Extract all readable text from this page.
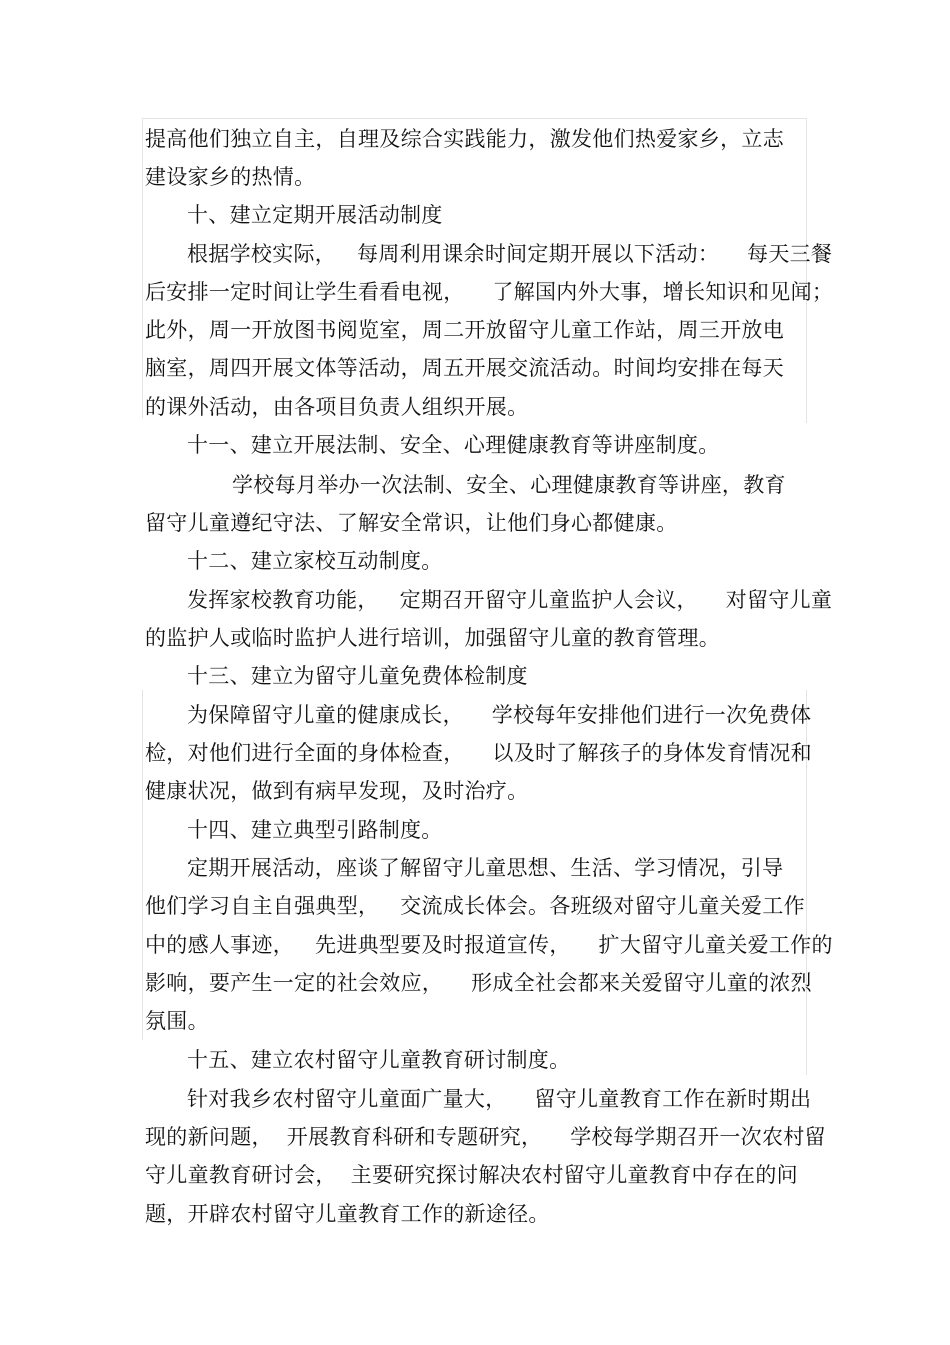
提高他们独立自主，自理及综合实践能力，激发他们热爱家乡，立志
建设家乡的热情。
十、建立定期开展活动制度
根据学校实际，   每周利用课余时间定期开展以下活动：    每天三餐
后安排一定时间让学生看看电视，    了解国内外大事，增长知识和见闻；
此外，周一开放图书阅览室，周二开放留守儿童工作站，周三开放电
脑室，周四开展文体等活动，周五开展交流活动。时间均安排在每天
的课外活动，由各项目负责人组织开展。
十一、建立开展法制、安全、心理健康教育等讲座制度。
学校每月举办一次法制、安全、心理健康教育等讲座，教育
留守儿童遵纪守法、了解安全常识，让他们身心都健康。
十二、建立家校互动制度。
发挥家校教育功能，   定期召开留守儿童监护人会议，    对留守儿童
的监护人或临时监护人进行培训，加强留守儿童的教育管理。
十三、建立为留守儿童免费体检制度
为保障留守儿童的健康成长，    学校每年安排他们进行一次免费体
检，对他们进行全面的身体检查，    以及时了解孩子的身体发育情况和
健康状况，做到有病早发现，及时治疗。
十四、建立典型引路制度。
定期开展活动，座谈了解留守儿童思想、生活、学习情况，引导
他们学习自主自强典型，   交流成长体会。各班级对留守儿童关爱工作
中的感人事迹，   先进典型要及时报道宣传，    扩大留守儿童关爱工作的
影响，要产生一定的社会效应，    形成全社会都来关爱留守儿童的浓烈
氛围。
十五、建立农村留守儿童教育研讨制度。
针对我乡农村留守儿童面广量大，    留守儿童教育工作在新时期出
现的新问题，  开展教育科研和专题研究，    学校每学期召开一次农村留
守儿童教育研讨会，  主要研究探讨解决农村留守儿童教育中存在的问
题，开辟农村留守儿童教育工作的新途径。
